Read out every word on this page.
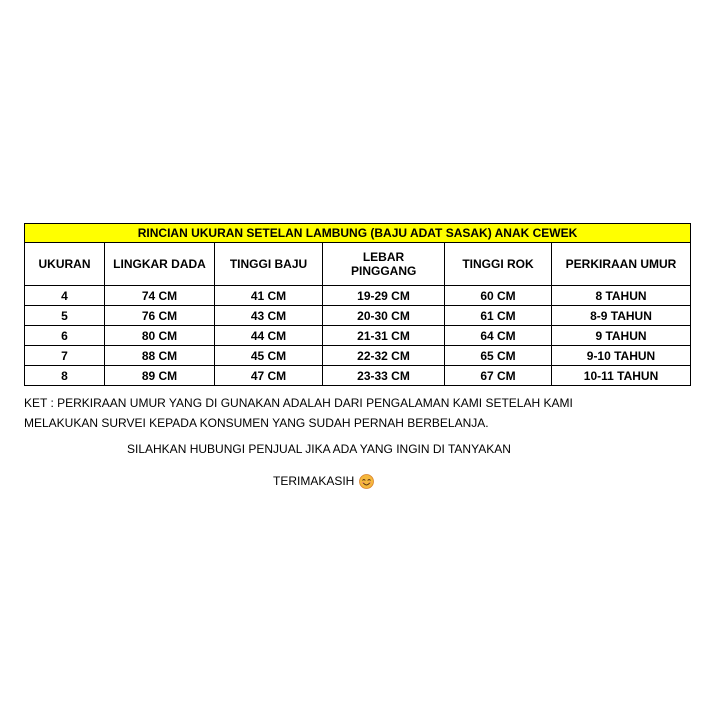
RINCIAN UKURAN SETELAN LAMBUNG (BAJU ADAT SASAK) ANAK CEWEK					
UKURAN	LINGKAR DADA	TINGGI BAJU	LEBAR PINGGANG	TINGGI ROK	PERKIRAAN UMUR
4	74 CM	41 CM	19-29 CM	60 CM	8 TAHUN
5	76 CM	43 CM	20-30 CM	61 CM	8-9 TAHUN
6	80 CM	44 CM	21-31 CM	64 CM	9 TAHUN
7	88 CM	45 CM	22-32 CM	65 CM	9-10 TAHUN
8	89 CM	47 CM	23-33 CM	67 CM	10-11 TAHUN

KET : PERKIRAAN UMUR YANG DI GUNAKAN ADALAH DARI PENGALAMAN KAMI SETELAH KAMI

MELAKUKAN SURVEI KEPADA KONSUMEN YANG SUDAH PERNAH BERBELANJA.

SILAHKAN HUBUNGI PENJUAL JIKA ADA YANG INGIN DI TANYAKAN
TERIMAKASIH
